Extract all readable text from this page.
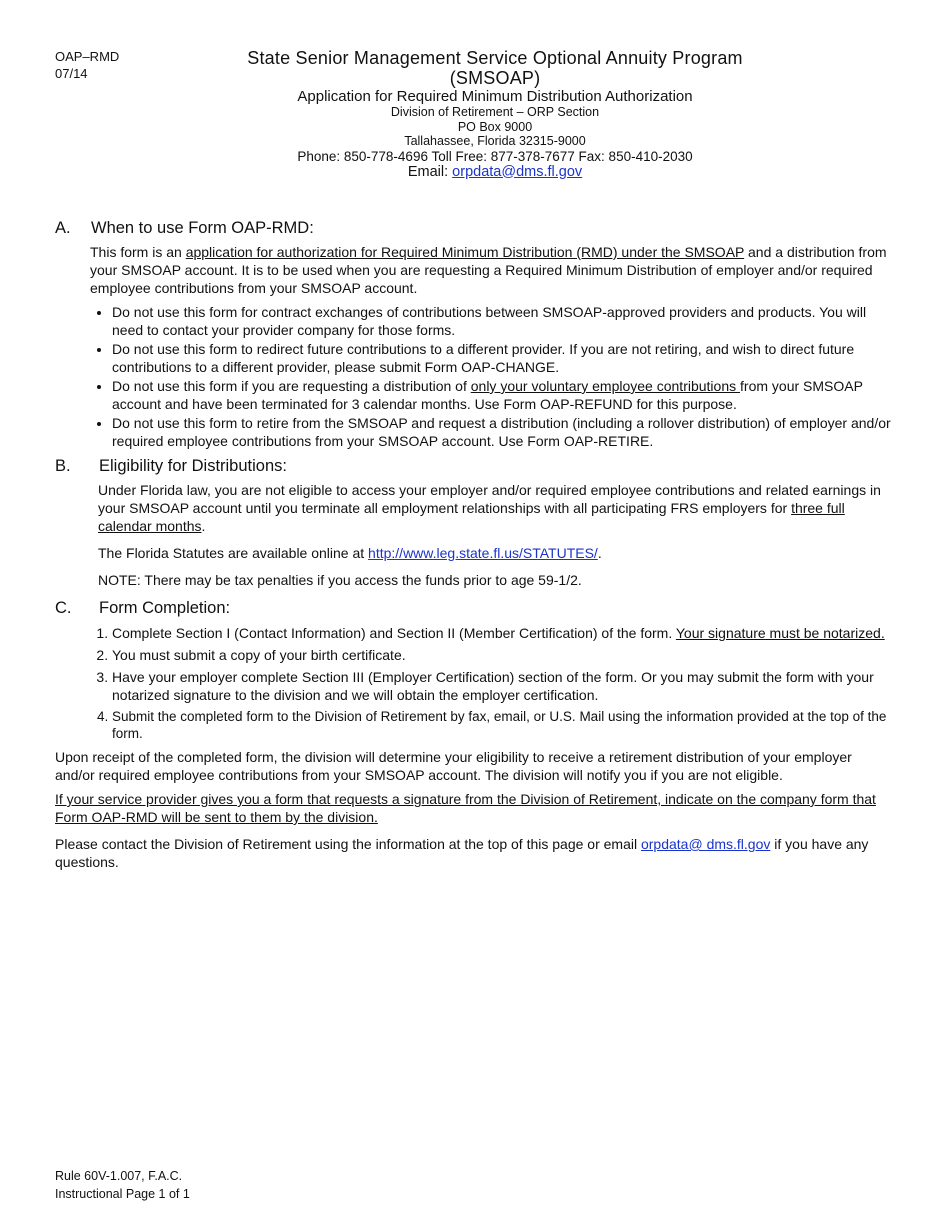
OAP–RMD
07/14
State Senior Management Service Optional Annuity Program
(SMSOAP)
Application for Required Minimum Distribution Authorization
Division of Retirement – ORP Section
PO Box 9000
Tallahassee, Florida 32315-9000
Phone: 850-778-4696 Toll Free: 877-378-7677 Fax: 850-410-2030
Email: orpdata@dms.fl.gov
A.	When to use Form OAP-RMD:

This form is an application for authorization for Required Minimum Distribution (RMD) under the SMSOAP and a distribution from your SMSOAP account. It is to be used when you are requesting a Required Minimum Distribution of employer and/or required employee contributions from your SMSOAP account.

• Do not use this form for contract exchanges of contributions between SMSOAP-approved providers and products. You will need to contact your provider company for those forms.
• Do not use this form to redirect future contributions to a different provider. If you are not retiring, and wish to direct future contributions to a different provider, please submit Form OAP-CHANGE.
• Do not use this form if you are requesting a distribution of only your voluntary employee contributions from your SMSOAP account and have been terminated for 3 calendar months. Use Form OAP-REFUND for this purpose.
• Do not use this form to retire from the SMSOAP and request a distribution (including a rollover distribution) of employer and/or required employee contributions from your SMSOAP account. Use Form OAP-RETIRE.
B.	Eligibility for Distributions:

Under Florida law, you are not eligible to access your employer and/or required employee contributions and related earnings in your SMSOAP account until you terminate all employment relationships with all participating FRS employers for three full calendar months.

The Florida Statutes are available online at http://www.leg.state.fl.us/STATUTES/.

NOTE: There may be tax penalties if you access the funds prior to age 59-1/2.

C.	Form Completion:
1. Complete Section I (Contact Information) and Section II (Member Certification) of the form. Your signature must be notarized.
2. You must submit a copy of your birth certificate.
3. Have your employer complete Section III (Employer Certification) section of the form. Or you may submit the form with your notarized signature to the division and we will obtain the employer certification.
4. Submit the completed form to the Division of Retirement by fax, email, or U.S. Mail using the information provided at the top of the form.

Upon receipt of the completed form, the division will determine your eligibility to receive a retirement distribution of your employer and/or required employee contributions from your SMSOAP account. The division will notify you if you are not eligible.

If your service provider gives you a form that requests a signature from the Division of Retirement, indicate on the company form that Form OAP-RMD will be sent to them by the division.

Please contact the Division of Retirement using the information at the top of this page or email orpdata@ dms.fl.gov if you have any questions.

Rule 60V-1.007, F.A.C.
Instructional Page 1 of 1
